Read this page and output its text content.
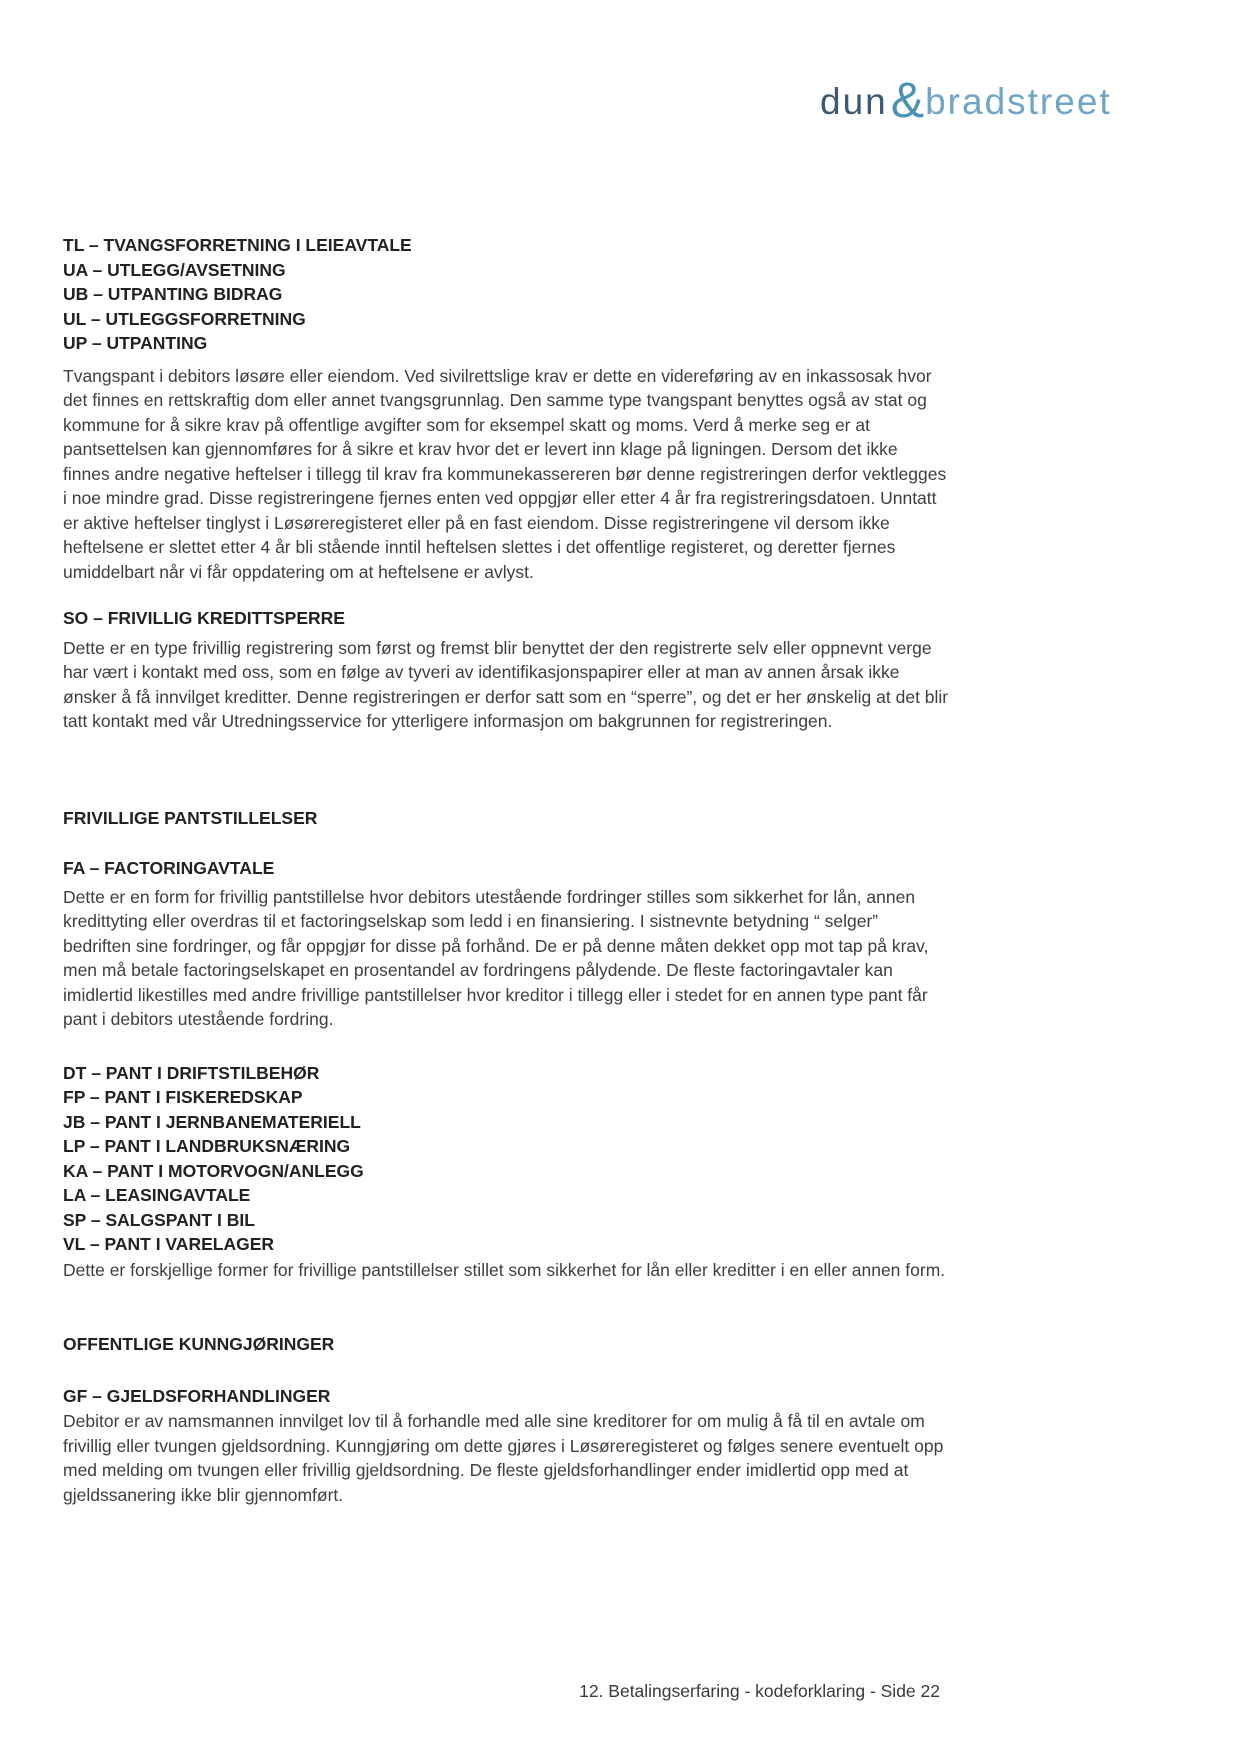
dun & bradstreet
TL – TVANGSFORRETNING I LEIEAVTALE
UA – UTLEGG/AVSETNING
UB – UTPANTING BIDRAG
UL – UTLEGGSFORRETNING
UP – UTPANTING
Tvangspant i debitors løsøre eller eiendom. Ved sivilrettslige krav er dette en videreføring av en inkassosak hvor det finnes en rettskraftig dom eller annet tvangsgrunnlag. Den samme type tvangspant benyttes også av stat og kommune for å sikre krav på offentlige avgifter som for eksempel skatt og moms. Verd å merke seg er at pantsettelsen kan gjennomføres for å sikre et krav hvor det er levert inn klage på ligningen. Dersom det ikke finnes andre negative heftelser i tillegg til krav fra kommunekassereren bør denne registreringen derfor vektlegges i noe mindre grad. Disse registreringene fjernes enten ved oppgjør eller etter 4 år fra registreringsdatoen. Unntatt er aktive heftelser tinglyst i Løsøreregisteret eller på en fast eiendom. Disse registreringene vil dersom ikke heftelsene er slettet etter 4 år bli stående inntil heftelsen slettes i det offentlige registeret, og deretter fjernes umiddelbart når vi får oppdatering om at heftelsene er avlyst.
SO – FRIVILLIG KREDITTSPERRE
Dette er en type frivillig registrering som først og fremst blir benyttet der den registrerte selv eller oppnevnt verge har vært i kontakt med oss, som en følge av tyveri av identifikasjonspapirer eller at man av annen årsak ikke ønsker å få innvilget kreditter. Denne registreringen er derfor satt som en “sperre”, og det er her ønskelig at det blir tatt kontakt med vår Utredningsservice for ytterligere informasjon om bakgrunnen for registreringen.
FRIVILLIGE PANTSTILLELSER
FA – FACTORINGAVTALE
Dette er en form for frivillig pantstillelse hvor debitors utestående fordringer stilles som sikkerhet for lån, annen kredittyting eller overdras til et factoringselskap som ledd i en finansiering. I sistnevnte betydning “ selger” bedriften sine fordringer, og får oppgjør for disse på forhånd. De er på denne måten dekket opp mot tap på krav, men må betale factoringselskapet en prosentandel av fordringens pålydende. De fleste factoringavtaler kan imidlertid likestilles med andre frivillige pantstillelser hvor kreditor i tillegg eller i stedet for en annen type pant får pant i debitors utestående fordring.
DT – PANT I DRIFTSTILBEHØR
FP – PANT I FISKEREDSKAP
JB – PANT I JERNBANEMATERIELL
LP – PANT I LANDBRUKSNÆRING
KA – PANT I MOTORVOGN/ANLEGG
LA – LEASINGAVTALE
SP – SALGSPANT I BIL
VL – PANT I VARELAGER
Dette er forskjellige former for frivillige pantstillelser stillet som sikkerhet for lån eller kreditter i en eller annen form.
OFFENTLIGE KUNNGJØRINGER
GF – GJELDSFORHANDLINGER
Debitor er av namsmannen innvilget lov til å forhandle med alle sine kreditorer for om mulig å få til en avtale om frivillig eller tvungen gjeldsordning. Kunngjøring om dette gjøres i Løsøreregisteret og følges senere eventuelt opp med melding om tvungen eller frivillig gjeldsordning. De fleste gjeldsforhandlinger ender imidlertid opp med at gjeldssanering ikke blir gjennomført.
12. Betalingserfaring - kodeforklaring - Side 22
